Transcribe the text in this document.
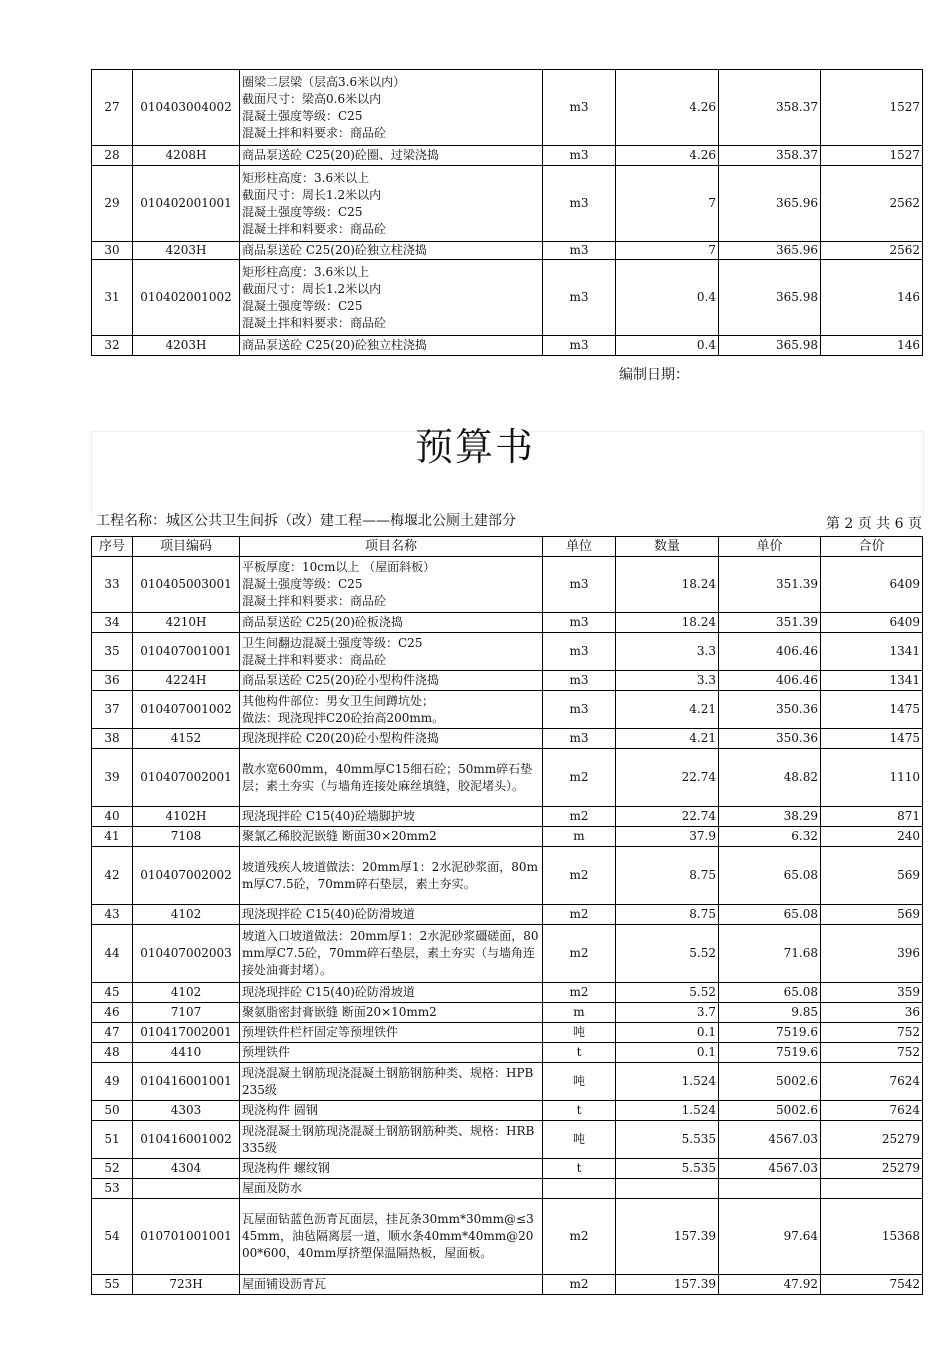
27	010403004002	圈梁二层梁（层高3.6米以内）
截面尺寸：梁高0.6米以内
混凝土强度等级：C25
混凝土拌和料要求：商品砼	m3	4.26	358.37	1527
28	4208H	商品泵送砼 C25(20)砼圈、过梁浇捣	m3	4.26	358.37	1527
29	010402001001	矩形柱高度：3.6米以上
截面尺寸：周长1.2米以内
混凝土强度等级：C25
混凝土拌和料要求：商品砼	m3	7	365.96	2562
30	4203H	商品泵送砼 C25(20)砼独立柱浇捣	m3	7	365.96	2562
31	010402001002	矩形柱高度：3.6米以上
截面尺寸：周长1.2米以内
混凝土强度等级：C25
混凝土拌和料要求：商品砼	m3	0.4	365.98	146
32	4203H	商品泵送砼 C25(20)砼独立柱浇捣	m3	0.4	365.98	146
编制日期：
预算书
工程名称：城区公共卫生间拆（改）建工程——梅堰北公厕土建部分	第 2 页 共 6 页
序号	项目编码	项目名称	单位	数量	单价	合价
33	010405003001	平板厚度：10cm以上 （屋面斜板）
混凝土强度等级：C25
混凝土拌和料要求：商品砼	m3	18.24	351.39	6409
34	4210H	商品泵送砼 C25(20)砼板浇捣	m3	18.24	351.39	6409
35	010407001001	卫生间翻边混凝土强度等级：C25
混凝土拌和料要求：商品砼	m3	3.3	406.46	1341
36	4224H	商品泵送砼 C25(20)砼小型构件浇捣	m3	3.3	406.46	1341
37	010407001002	其他构件部位：男女卫生间蹲坑处；
做法：现浇现拌C20砼抬高200mm。	m3	4.21	350.36	1475
38	4152	现浇现拌砼 C20(20)砼小型构件浇捣	m3	4.21	350.36	1475
39	010407002001	散水宽600mm，40mm厚C15细石砼；50mm碎石垫层；素土夯实（与墙角连接处麻丝填缝，胶泥堵头）。	m2	22.74	48.82	1110
40	4102H	现浇现拌砼 C15(40)砼墙脚护坡	m2	22.74	38.29	871
41	7108	聚氯乙稀胶泥嵌缝 断面30×20mm2	m	37.9	6.32	240
42	010407002002	坡道残疾人坡道做法：20mm厚1：2水泥砂浆面，80mm厚C7.5砼，70mm碎石垫层，素土夯实。	m2	8.75	65.08	569
43	4102	现浇现拌砼 C15(40)砼防滑坡道	m2	8.75	65.08	569
44	010407002003	坡道入口坡道做法：20mm厚1：2水泥砂浆礓磋面，80mm厚C7.5砼，70mm碎石垫层，素土夯实（与墙角连接处油膏封堵）。	m2	5.52	71.68	396
45	4102	现浇现拌砼 C15(40)砼防滑坡道	m2	5.52	65.08	359
46	7107	聚氨脂密封膏嵌缝 断面20×10mm2	m	3.7	9.85	36
47	010417002001	预埋铁件栏杆固定等预埋铁件	吨	0.1	7519.6	752
48	4410	预埋铁件	t	0.1	7519.6	752
49	010416001001	现浇混凝土钢筋现浇混凝土钢筋钢筋种类、规格：HPB235级	吨	1.524	5002.6	7624
50	4303	现浇构件 圆钢	t	1.524	5002.6	7624
51	010416001002	现浇混凝土钢筋现浇混凝土钢筋钢筋种类、规格：HRB335级	吨	5.535	4567.03	25279
52	4304	现浇构件 螺纹钢	t	5.535	4567.03	25279
53		屋面及防水				

54	010701001001	瓦屋面钻蓝色沥青瓦面层，挂瓦条30mm*30mm@≤345mm，油毡隔离层一道，顺水条40mm*40mm@2000*600，40mm厚挤塑保温隔热板，屋面板。	m2	157.39	97.64	15368
55	723H	屋面铺设沥青瓦	m2	157.39	47.92	7542
